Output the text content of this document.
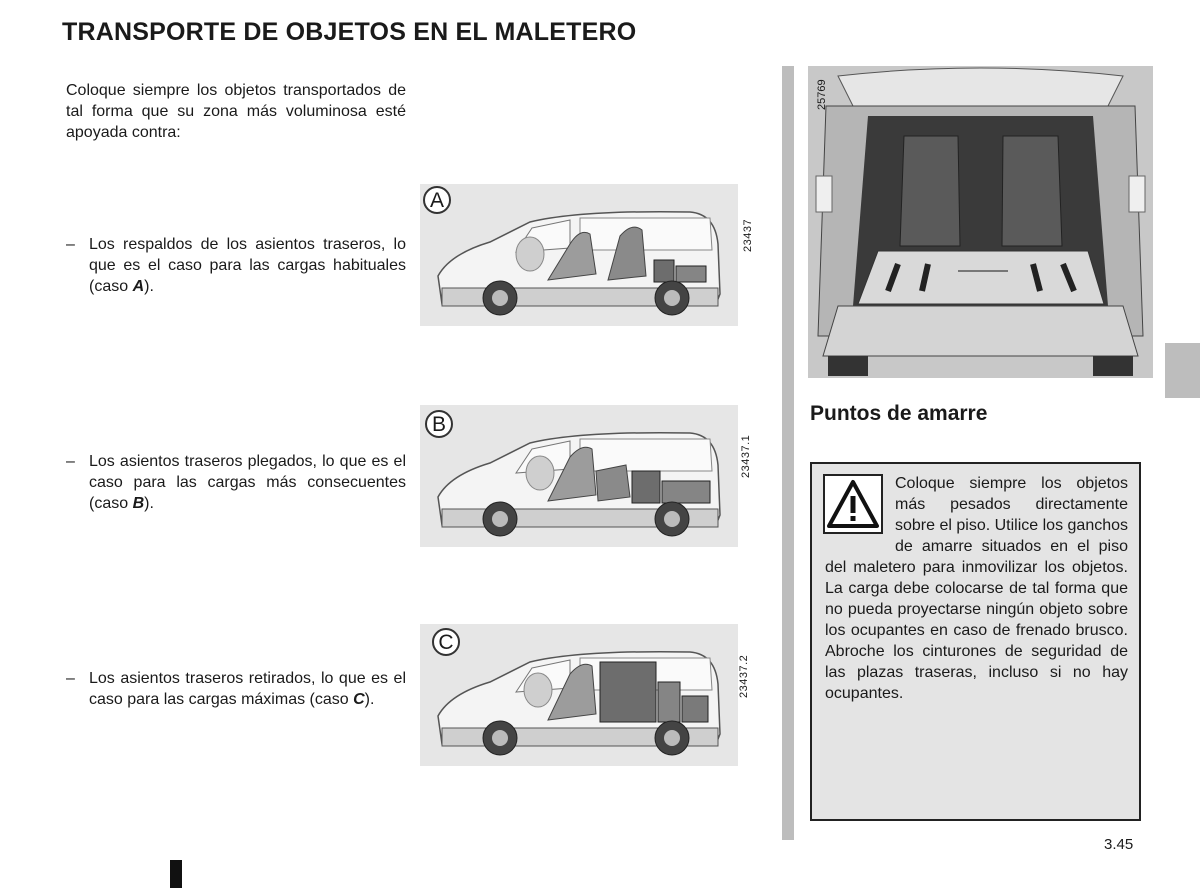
TRANSPORTE DE OBJETOS EN EL MALETERO
Coloque siempre los objetos transportados de tal forma que su zona más voluminosa esté apoyada contra:
– Los respaldos de los asientos traseros, lo que es el caso para las cargas habituales (caso A).
– Los asientos traseros plegados, lo que es el caso para las cargas más consecuentes (caso B).
– Los asientos traseros retirados, lo que es el caso para las cargas máximas (caso C).
A
23437
B
23437.1
C
23437.2
25769
Puntos de amarre
Coloque siempre los objetos más pesados directamente sobre el piso. Utilice los ganchos de amarre situados en el piso del maletero para inmovilizar los objetos. La carga debe colocarse de tal forma que no pueda proyectarse ningún objeto sobre los ocupantes en caso de frenado brusco. Abroche los cinturones de seguridad de las plazas traseras, incluso si no hay ocupantes.
3.45
